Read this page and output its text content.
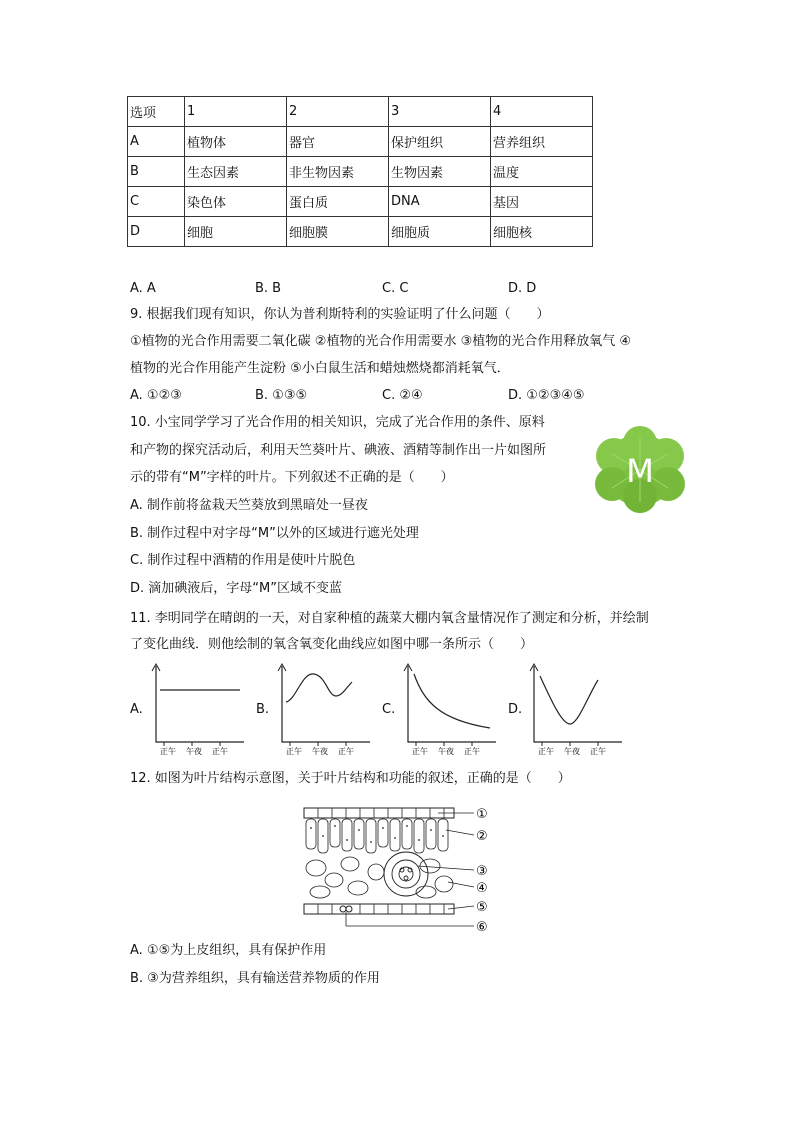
选项	1	2	3	4
A	植物体	器官	保护组织	营养组织
B	生态因素	非生物因素	生物因素	温度
C	染色体	蛋白质	DNA	基因
D	细胞	细胞膜	细胞质	细胞核
A. A	B. B	C. C	D. D
9. 根据我们现有知识，你认为普利斯特利的实验证明了什么问题（　　）
①植物的光合作用需要二氧化碳 ②植物的光合作用需要水 ③植物的光合作用释放氧气 ④
植物的光合作用能产生淀粉 ⑤小白鼠生活和蜡烛燃烧都消耗氧气．
A. ①②③	B. ①③⑤	C. ②④	D. ①②③④⑤
10. 小宝同学学习了光合作用的相关知识，完成了光合作用的条件、原料
和产物的探究活动后，利用天竺葵叶片、碘液、酒精等制作出一片如图所
示的带有“M”字样的叶片。下列叙述不正确的是（　　）
A. 制作前将盆栽天竺葵放到黑暗处一昼夜
B. 制作过程中对字母“M”以外的区域进行遮光处理
C. 制作过程中酒精的作用是使叶片脱色
D. 滴加碘液后，字母“M”区域不变蓝
M
11. 李明同学在晴朗的一天，对自家种植的蔬菜大棚内氧含量情况作了测定和分析，并绘制
了变化曲线．则他绘制的氧含氧变化曲线应如图中哪一条所示（　　）
A.
正午 午夜 正午
B.
正午 午夜 正午
C.
正午 午夜 正午
D.
正午 午夜 正午
12. 如图为叶片结构示意图，关于叶片结构和功能的叙述，正确的是（　　）
①
②
③
④
⑤
⑥
A. ①⑤为上皮组织，具有保护作用
B. ③为营养组织，具有输送营养物质的作用
